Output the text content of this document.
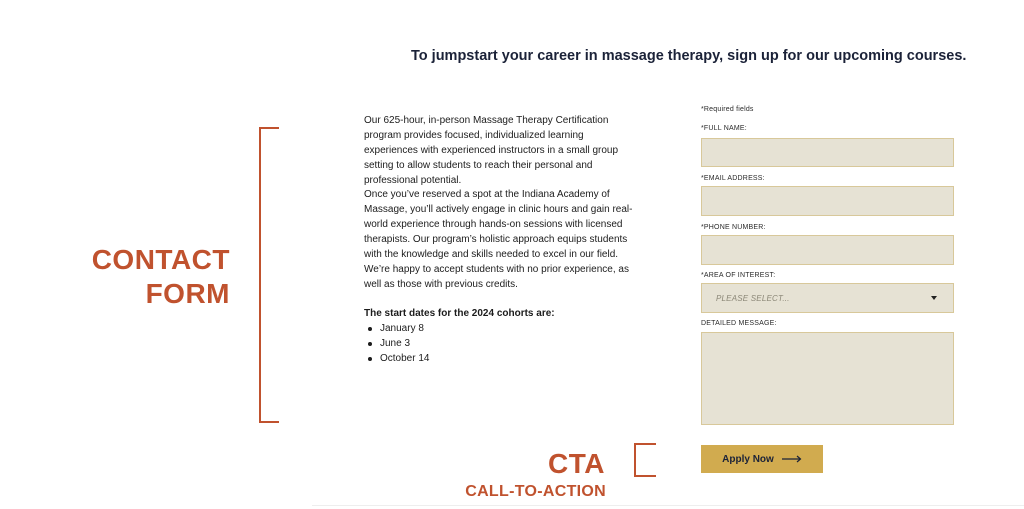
To jumpstart your career in massage therapy, sign up for our upcoming courses.
CONTACT
FORM
Our 625-hour, in-person Massage Therapy Certification program provides focused, individualized learning experiences with experienced instructors in a small group setting to allow students to reach their personal and professional potential.
Once you’ve reserved a spot at the Indiana Academy of Massage, you’ll actively engage in clinic hours and gain real-world experience through hands-on sessions with licensed therapists. Our program’s holistic approach equips students with the knowledge and skills needed to excel in our field. We’re happy to accept students with no prior experience, as well as those with previous credits.
The start dates for the 2024 cohorts are:
January 8
June 3
October 14
*Required fields
*FULL NAME:
*EMAIL ADDRESS:
*PHONE NUMBER:
*AREA OF INTEREST:
PLEASE SELECT...
DETAILED MESSAGE:
Apply Now
CTA
CALL-TO-ACTION
